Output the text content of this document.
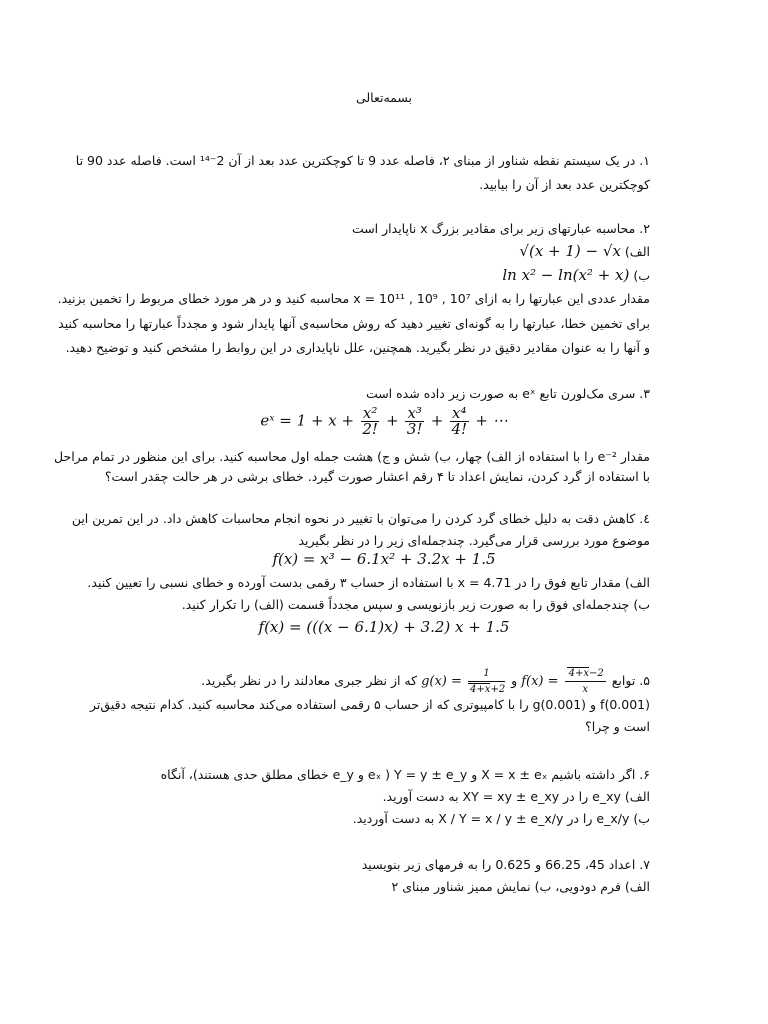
بسمه‌تعالی
۱. در یک سیستم نقطه شناور از مبنای ۲، فاصله عدد 9 تا کوچکترین عدد بعد از آن 2⁻¹⁴ است. فاصله عدد 90 تا
کوچکترین عدد بعد از آن را بیابید.
۲. محاسبه عبارتهای زیر برای مقادیر بزرگ x ناپایدار است
الف) √(x + 1) − √x
ب) ln x² − ln(x² + x)
مقدار عددی این عبارتها را به ازای 10⁷ , 10⁹ , 10¹¹ = x محاسبه کنید و در هر مورد خطای مربوط را تخمین بزنید.
برای تخمین خطا، عبارتها را به گونه‌ای تغییر دهید که روش محاسبه‌ی آنها پایدار شود و مجدداً عبارتها را محاسبه کنید
و آنها را به عنوان مقادیر دقیق در نظر بگیرید. همچنین، علل ناپایداری در این روابط را مشخص کنید و توضیح دهید.
۳. سری مک‌لورن تابع eˣ به صورت زیر داده شده است
eˣ = $1 + x + \frac{\text{x²}}{2!} + \frac{\text{x³}}{3!} + \frac{\text{x⁴}}{4!}$ + ⋯
مقدار e⁻² را با استفاده از الف) چهار، ب) شش و ج) هشت جمله اول محاسبه کنید. برای این منظور در تمام مراحل
با استفاده از گرد کردن، نمایش اعداد تا ۴ رقم اعشار صورت گیرد. خطای برشی در هر حالت چقدر است؟
٤. کاهش دقت به دلیل خطای گرد کردن را می‌توان با تغییر در نحوه انجام محاسبات کاهش داد. در این تمرین این
موضوع مورد بررسی قرار می‌گیرد. چندجمله‌ای زیر را در نظر بگیرید
f(x) = x³ − 6.1x² + 3.2x + 1.5
الف) مقدار تابع فوق را در 4.71 = x با استفاده از حساب ۳ رقمی بدست آورده و خطای نسبی را تعیین کنید.
ب) چندجمله‌ای فوق را به صورت زیر بازنویسی و سپس مجدداً قسمت (الف) را تکرار کنید.
f(x) = (((x − 6.1)x) + 3.2) x + 1.5
۵. توابع $f(x) = \frac{4+x-2}{x}$
و $g(x) = \frac{1}{4+x+2}$
که از نظر جبری معادلند را در نظر بگیرید.
f(0.001) و g(0.001) را با کامپیوتری که از حساب ۵ رقمی استفاده می‌کند محاسبه کنید. کدام نتیجه دقیق‌تر
است و چرا؟
۶. اگر داشته باشیم X = x ± eₓ و Y = y ± e_y ( eₓ و e_y خطای مطلق حدی هستند)، آنگاه
الف) e_xy را در XY = xy ± e_xy به دست آورید.
ب) e_x/y را در X / Y = x / y ± e_x/y به دست آوردید.
۷. اعداد 45، 66.25 و 0.625 را به فرمهای زیر بنویسید
الف) فرم دودویی، ب) نمایش ممیز شناور مبنای ۲
